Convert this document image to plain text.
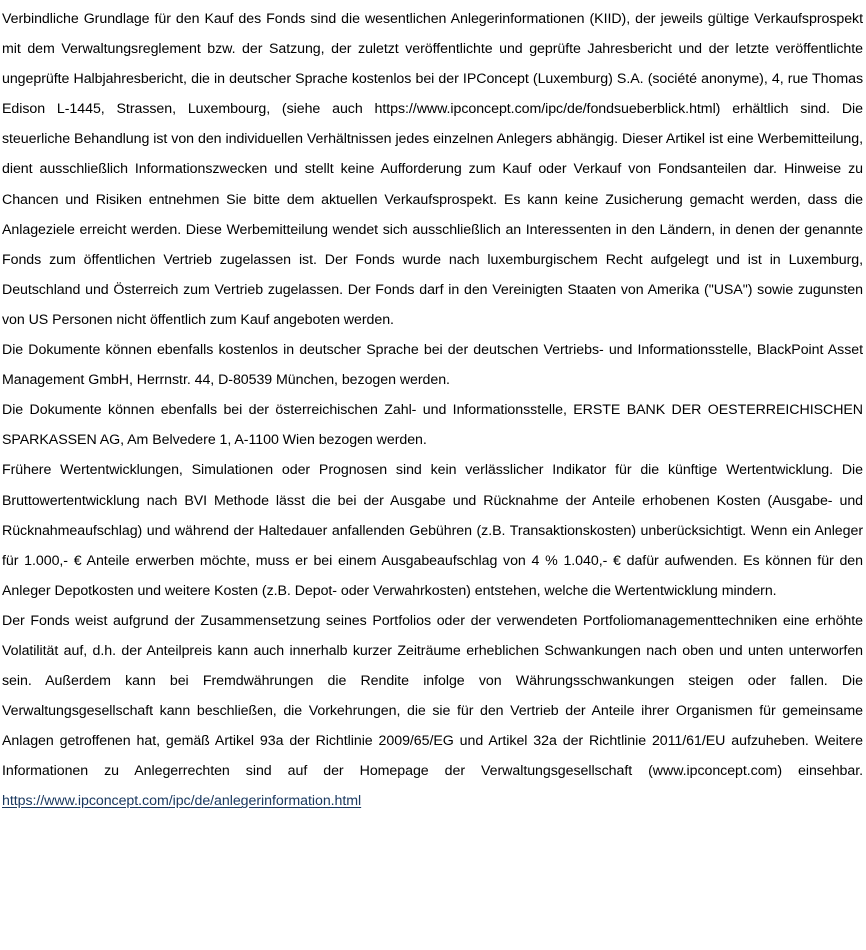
Verbindliche Grundlage für den Kauf des Fonds sind die wesentlichen Anlegerinformationen (KIID), der jeweils gültige Verkaufsprospekt mit dem Verwaltungsreglement bzw. der Satzung, der zuletzt veröffentlichte und geprüfte Jahresbericht und der letzte veröffentlichte ungeprüfte Halbjahresbericht, die in deutscher Sprache kostenlos bei der IPConcept (Luxemburg) S.A. (société anonyme), 4, rue Thomas Edison L-1445, Strassen, Luxembourg, (siehe auch https://www.ipconcept.com/ipc/de/fondsueberblick.html) erhältlich sind. Die steuerliche Behandlung ist von den individuellen Verhältnissen jedes einzelnen Anlegers abhängig. Dieser Artikel ist eine Werbemitteilung, dient ausschließlich Informationszwecken und stellt keine Aufforderung zum Kauf oder Verkauf von Fondsanteilen dar. Hinweise zu Chancen und Risiken entnehmen Sie bitte dem aktuellen Verkaufsprospekt. Es kann keine Zusicherung gemacht werden, dass die Anlageziele erreicht werden. Diese Werbemitteilung wendet sich ausschließlich an Interessenten in den Ländern, in denen der genannte Fonds zum öffentlichen Vertrieb zugelassen ist. Der Fonds wurde nach luxemburgischem Recht aufgelegt und ist in Luxemburg, Deutschland und Österreich zum Vertrieb zugelassen. Der Fonds darf in den Vereinigten Staaten von Amerika ("USA") sowie zugunsten von US Personen nicht öffentlich zum Kauf angeboten werden.

Die Dokumente können ebenfalls kostenlos in deutscher Sprache bei der deutschen Vertriebs- und Informationsstelle, BlackPoint Asset Management GmbH, Herrnstr. 44, D-80539 München, bezogen werden.

Die Dokumente können ebenfalls bei der österreichischen Zahl- und Informationsstelle, ERSTE BANK DER OESTERREICHISCHEN SPARKASSEN AG, Am Belvedere 1, A-1100 Wien bezogen werden.

Frühere Wertentwicklungen, Simulationen oder Prognosen sind kein verlässlicher Indikator für die künftige Wertentwicklung. Die Bruttowertentwicklung nach BVI Methode lässt die bei der Ausgabe und Rücknahme der Anteile erhobenen Kosten (Ausgabe- und Rücknahmeaufschlag) und während der Haltedauer anfallenden Gebühren (z.B. Transaktionskosten) unberücksichtigt. Wenn ein Anleger für 1.000,- € Anteile erwerben möchte, muss er bei einem Ausgabeaufschlag von 4 % 1.040,- € dafür aufwenden. Es können für den Anleger Depotkosten und weitere Kosten (z.B. Depot- oder Verwahrkosten) entstehen, welche die Wertentwicklung mindern.

Der Fonds weist aufgrund der Zusammensetzung seines Portfolios oder der verwendeten Portfoliomanagementtechniken eine erhöhte Volatilität auf, d.h. der Anteilpreis kann auch innerhalb kurzer Zeiträume erheblichen Schwankungen nach oben und unten unterworfen sein. Außerdem kann bei Fremdwährungen die Rendite infolge von Währungsschwankungen steigen oder fallen. Die Verwaltungsgesellschaft kann beschließen, die Vorkehrungen, die sie für den Vertrieb der Anteile ihrer Organismen für gemeinsame Anlagen getroffenen hat, gemäß Artikel 93a der Richtlinie 2009/65/EG und Artikel 32a der Richtlinie 2011/61/EU aufzuheben. Weitere Informationen zu Anlegerrechten sind auf der Homepage der Verwaltungsgesellschaft (www.ipconcept.com) einsehbar.

https://www.ipconcept.com/ipc/de/anlegerinformation.html
